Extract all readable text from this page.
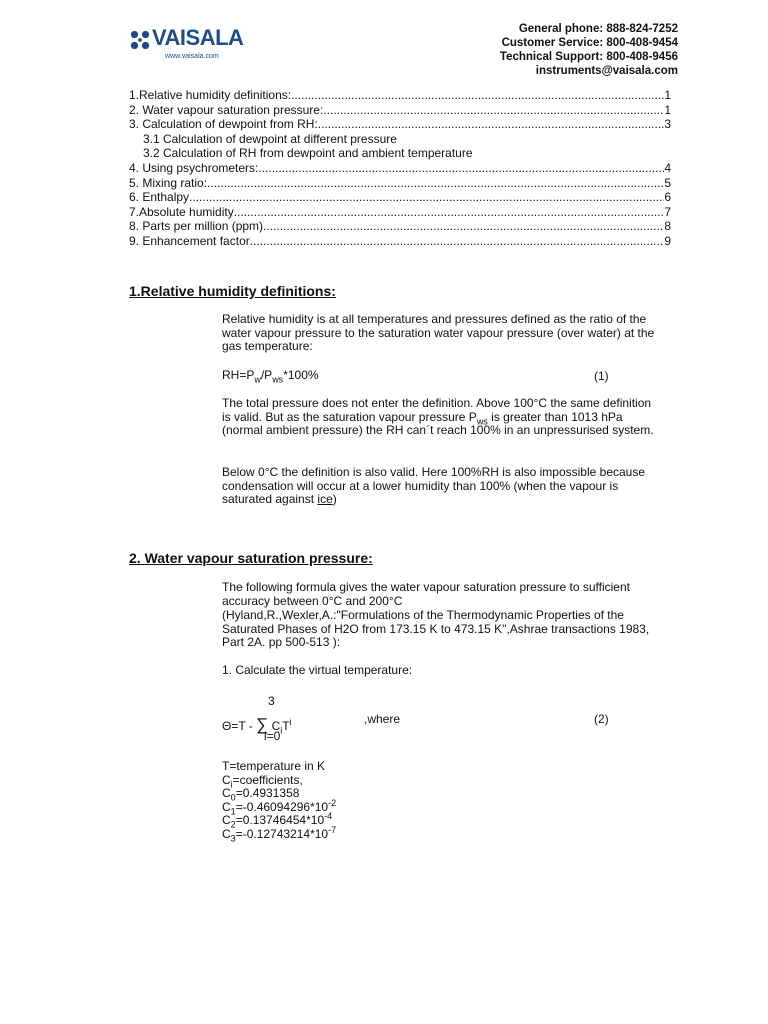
VAISALA
www.vaisala.com
General phone: 888-824-7252
Customer Service: 800-408-9454
Technical Support: 800-408-9456
instruments@vaisala.com
1.Relative humidity definitions: .....	1
2. Water vapour saturation pressure: .....	1
3. Calculation of dewpoint from RH: .....	3
3.1 Calculation of dewpoint at different pressure
3.2 Calculation of RH from dewpoint and ambient temperature
4. Using psychrometers: .....	4
5. Mixing ratio: .....	5
6. Enthalpy .....	6
7.Absolute humidity .....	7
8. Parts per million (ppm) .....	8
9. Enhancement factor .....	9
1.Relative humidity definitions:
Relative humidity is at all temperatures and pressures defined as the ratio of the water vapour pressure to the saturation water vapour pressure (over water) at the gas temperature:
$RH=P_w/P_{ws}*100\%$	(1)
The total pressure does not enter the definition. Above 100°C the same definition is valid. But as the saturation vapour pressure $P_{ws}$ is greater than 1013 hPa (normal ambient pressure) the RH can´t reach 100% in an unpressurised system.
Below 0°C the definition is also valid. Here 100%RH is also impossible because condensation will occur at a lower humidity than 100% (when the vapour is saturated against ice)
2. Water vapour saturation pressure:
The following formula gives the water vapour saturation pressure to sufficient accuracy between 0°C and 200°C
(Hyland,R.,Wexler,A.:"Formulations of the Thermodynamic Properties of the Saturated Phases of H2O from 173.15 K to 473.15 K",Ashrae transactions 1983, Part 2A. pp 500-513 ):
1. Calculate the virtual temperature:
3
Θ=T - ∑ $C_iT^i$
i=0
,where	(2)
T=temperature in K
$C_i=coefficients$,
$C_0=0.4931358$
$C_1=-0.46094296*10^{-2}$
$C_2=0.13746454*10^{-4}$
$C_3=-0.12743214*10^{-7}$
